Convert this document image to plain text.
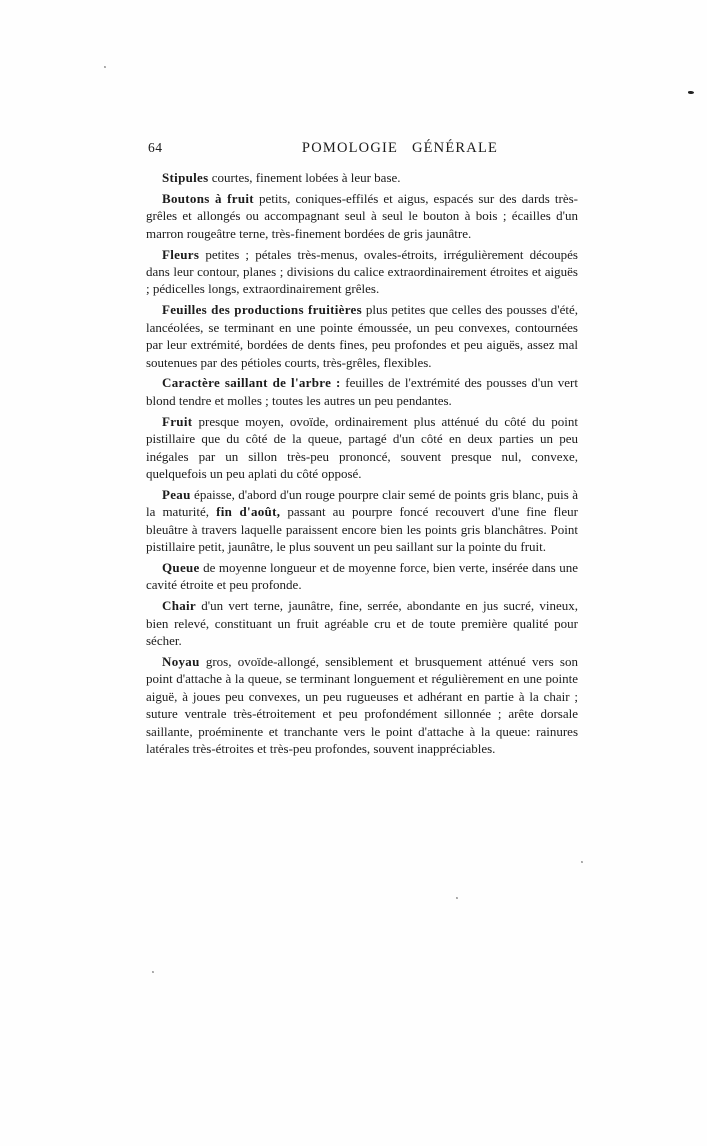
64	POMOLOGIE GÉNÉRALE

Stipules courtes, finement lobées à leur base.

Boutons à fruit petits, coniques-effilés et aigus, espacés sur des dards très-grêles et allongés ou accompagnant seul à seul le bouton à bois ; écailles d'un marron rougeâtre terne, très-finement bordées de gris jaunâtre.

Fleurs petites ; pétales très-menus, ovales-étroits, irrégulièrement découpés dans leur contour, planes ; divisions du calice extraordinairement étroites et aiguës ; pédicelles longs, extraordinairement grêles.

Feuilles des productions fruitières plus petites que celles des pousses d'été, lancéolées, se terminant en une pointe émoussée, un peu convexes, contournées par leur extrémité, bordées de dents fines, peu profondes et peu aiguës, assez mal soutenues par des pétioles courts, très-grêles, flexibles.

Caractère saillant de l'arbre : feuilles de l'extrémité des pousses d'un vert blond tendre et molles ; toutes les autres un peu pendantes.

Fruit presque moyen, ovoïde, ordinairement plus atténué du côté du point pistillaire que du côté de la queue, partagé d'un côté en deux parties un peu inégales par un sillon très-peu prononcé, souvent presque nul, convexe, quelquefois un peu aplati du côté opposé.

Peau épaisse, d'abord d'un rouge pourpre clair semé de points gris blanc, puis à la maturité, fin d'août, passant au pourpre foncé recouvert d'une fine fleur bleuâtre à travers laquelle paraissent encore bien les points gris blanchâtres. Point pistillaire petit, jaunâtre, le plus souvent un peu saillant sur la pointe du fruit.

Queue de moyenne longueur et de moyenne force, bien verte, insérée dans une cavité étroite et peu profonde.

Chair d'un vert terne, jaunâtre, fine, serrée, abondante en jus sucré, vineux, bien relevé, constituant un fruit agréable cru et de toute première qualité pour sécher.

Noyau gros, ovoïde-allongé, sensiblement et brusquement atténué vers son point d'attache à la queue, se terminant longuement et régulièrement en une pointe aiguë, à joues peu convexes, un peu rugueuses et adhérant en partie à la chair ; suture ventrale très-étroitement et peu profondément sillonnée ; arête dorsale saillante, proéminente et tranchante vers le point d'attache à la queue: rainures latérales très-étroites et très-peu profondes, souvent inappréciables.
